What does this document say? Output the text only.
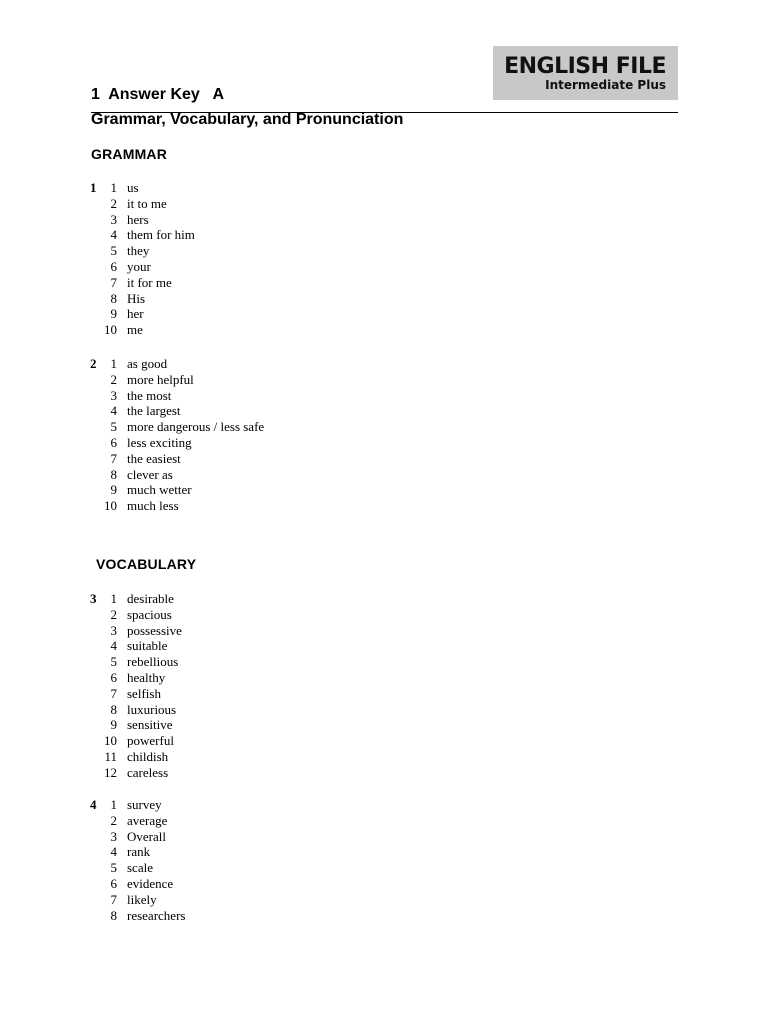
ENGLISH FILE
Intermediate Plus
1  Answer Key   A
Grammar, Vocabulary, and Pronunciation
GRAMMAR
VOCABULARY
1 1 us
2 it to me
3 hers
4 them for him
5 they
6 your
7 it for me
8 His
9 her
10 me
2 1 as good
2 more helpful
3 the most
4 the largest
5 more dangerous / less safe
6 less exciting
7 the easiest
8 clever as
9 much wetter
10 much less
3 1 desirable
2 spacious
3 possessive
4 suitable
5 rebellious
6 healthy
7 selfish
8 luxurious
9 sensitive
10 powerful
11 childish
12 careless
4 1 survey
2 average
3 Overall
4 rank
5 scale
6 evidence
7 likely
8 researchers
